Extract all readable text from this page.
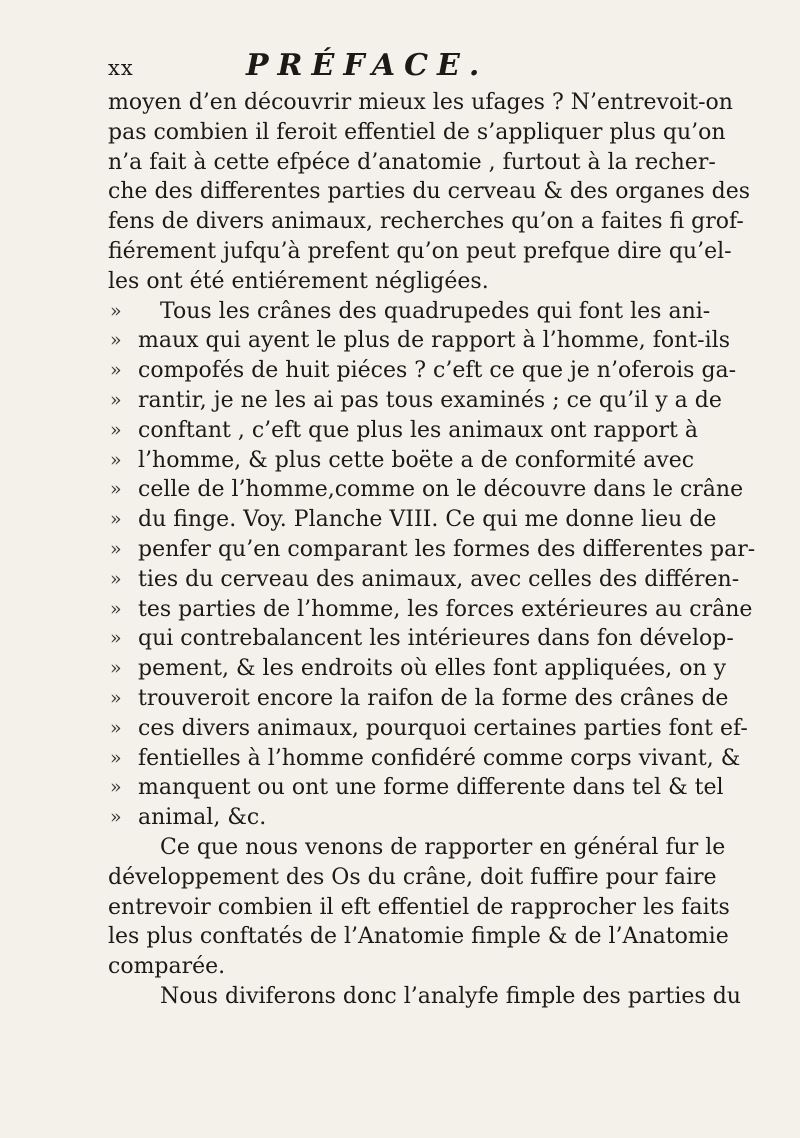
xx	PRÉFACE.
moyen d’en découvrir mieux les ufages ? N’entrevoit-on
pas combien il feroit effentiel de s’appliquer plus qu’on
n’a fait à cette efpéce d’anatomie , furtout à la recher-
che des differentes parties du cerveau & des organes des
fens de divers animaux, recherches qu’on a faites fi grof-
fiérement jufqu’à prefent qu’on peut prefque dire qu’el-
les ont été entiérement négligées.
» Tous les crânes des quadrupedes qui font les ani-
» maux qui ayent le plus de rapport à l’homme, font-ils
» compofés de huit piéces ? c’eft ce que je n’oferois ga-
» rantir, je ne les ai pas tous examinés ; ce qu’il y a de
» conftant , c’eft que plus les animaux ont rapport à
» l’homme, & plus cette boëte a de conformité avec
» celle de l’homme,comme on le découvre dans le crâne
» du finge. Voy. Planche VIII. Ce qui me donne lieu de
» penfer qu’en comparant les formes des differentes par-
» ties du cerveau des animaux, avec celles des différen-
» tes parties de l’homme, les forces extérieures au crâne
» qui contrebalancent les intérieures dans fon dévelop-
» pement, & les endroits où elles font appliquées, on y
» trouveroit encore la raifon de la forme des crânes de
» ces divers animaux, pourquoi certaines parties font ef-
» fentielles à l’homme confidéré comme corps vivant, &
» manquent ou ont une forme differente dans tel & tel
» animal, &c.
Ce que nous venons de rapporter en général fur le
développement des Os du crâne, doit fuffire pour faire
entrevoir combien il eft effentiel de rapprocher les faits
les plus conftatés de l’Anatomie fimple & de l’Anatomie
comparée.
Nous diviferons donc l’analyfe fimple des parties du
